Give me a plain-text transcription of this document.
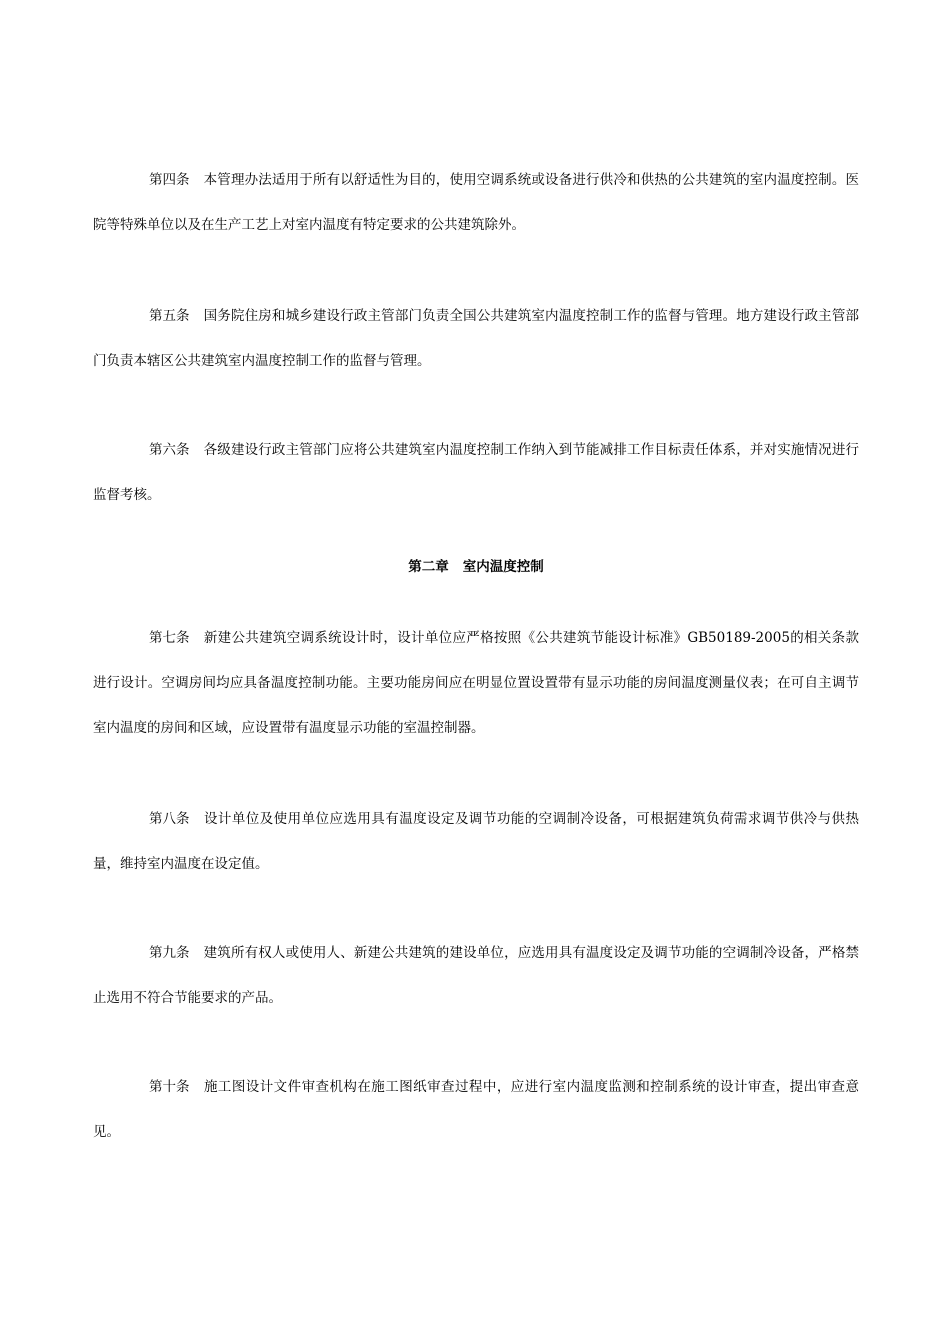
第四条 本管理办法适用于所有以舒适性为目的，使用空调系统或设备进行供冷和供热的公共建筑的室内温度控制。医院等特殊单位以及在生产工艺上对室内温度有特定要求的公共建筑除外。

第五条 国务院住房和城乡建设行政主管部门负责全国公共建筑室内温度控制工作的监督与管理。地方建设行政主管部门负责本辖区公共建筑室内温度控制工作的监督与管理。

第六条 各级建设行政主管部门应将公共建筑室内温度控制工作纳入到节能减排工作目标责任体系，并对实施情况进行监督考核。

第二章 室内温度控制

第七条 新建公共建筑空调系统设计时，设计单位应严格按照《公共建筑节能设计标准》GB50189-2005的相关条款进行设计。空调房间均应具备温度控制功能。主要功能房间应在明显位置设置带有显示功能的房间温度测量仪表；在可自主调节室内温度的房间和区域，应设置带有温度显示功能的室温控制器。

第八条 设计单位及使用单位应选用具有温度设定及调节功能的空调制冷设备，可根据建筑负荷需求调节供冷与供热量，维持室内温度在设定值。

第九条 建筑所有权人或使用人、新建公共建筑的建设单位，应选用具有温度设定及调节功能的空调制冷设备，严格禁止选用不符合节能要求的产品。

第十条 施工图设计文件审查机构在施工图纸审查过程中，应进行室内温度监测和控制系统的设计审查，提出审查意见。
